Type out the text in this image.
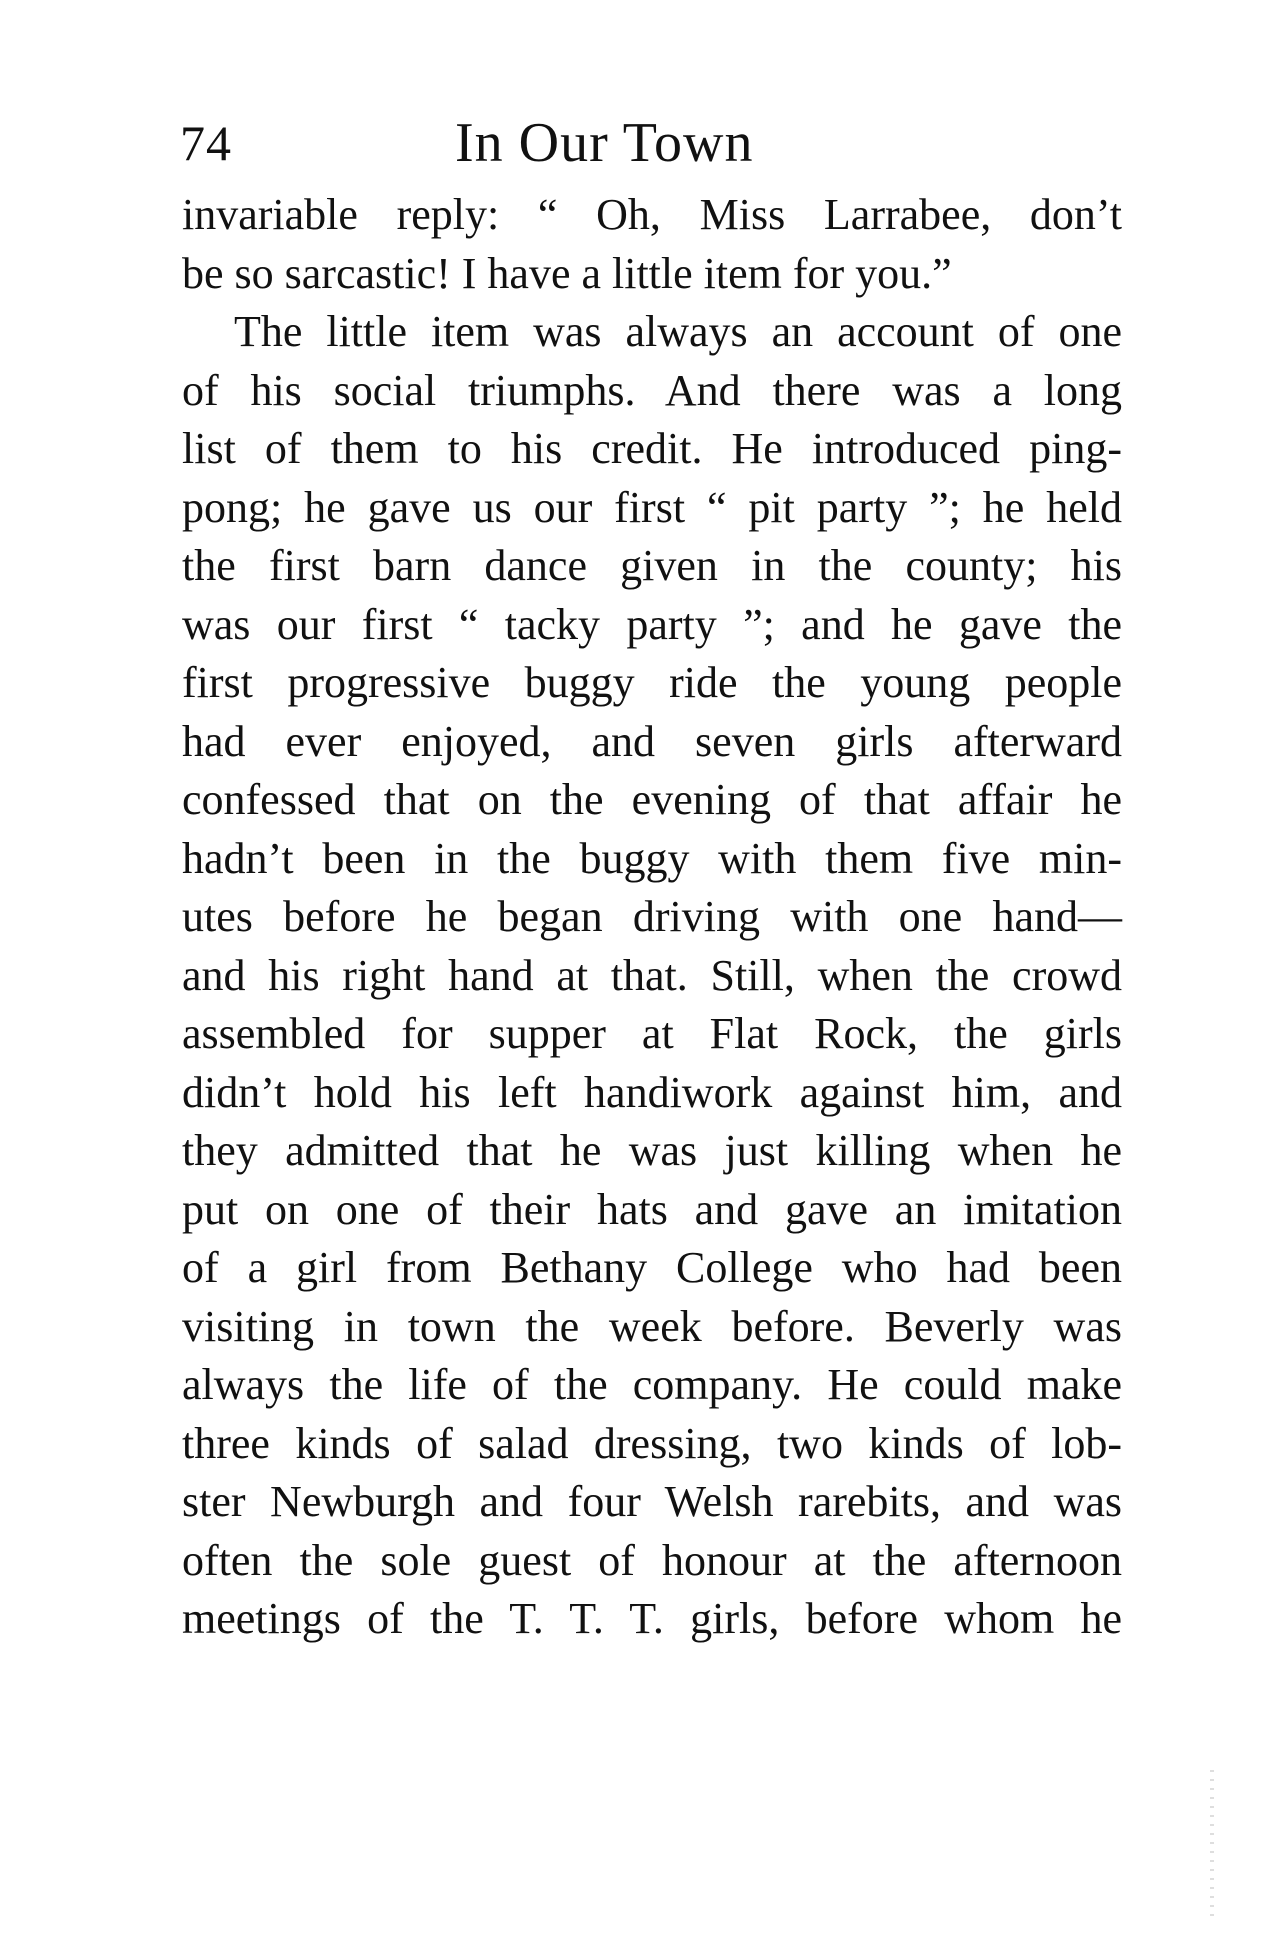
74	In Our Town
invariable reply: “ Oh, Miss Larrabee, don’t
be so sarcastic! I have a little item for you.”
The little item was always an account of one
of his social triumphs. And there was a long
list of them to his credit. He introduced ping-
pong; he gave us our first “ pit party ”; he held
the first barn dance given in the county; his
was our first “ tacky party ”; and he gave the
first progressive buggy ride the young people
had ever enjoyed, and seven girls afterward
confessed that on the evening of that affair he
hadn’t been in the buggy with them five min-
utes before he began driving with one hand—
and his right hand at that. Still, when the crowd
assembled for supper at Flat Rock, the girls
didn’t hold his left handiwork against him, and
they admitted that he was just killing when he
put on one of their hats and gave an imitation
of a girl from Bethany College who had been
visiting in town the week before. Beverly was
always the life of the company. He could make
three kinds of salad dressing, two kinds of lob-
ster Newburgh and four Welsh rarebits, and was
often the sole guest of honour at the afternoon
meetings of the T. T. T. girls, before whom he
